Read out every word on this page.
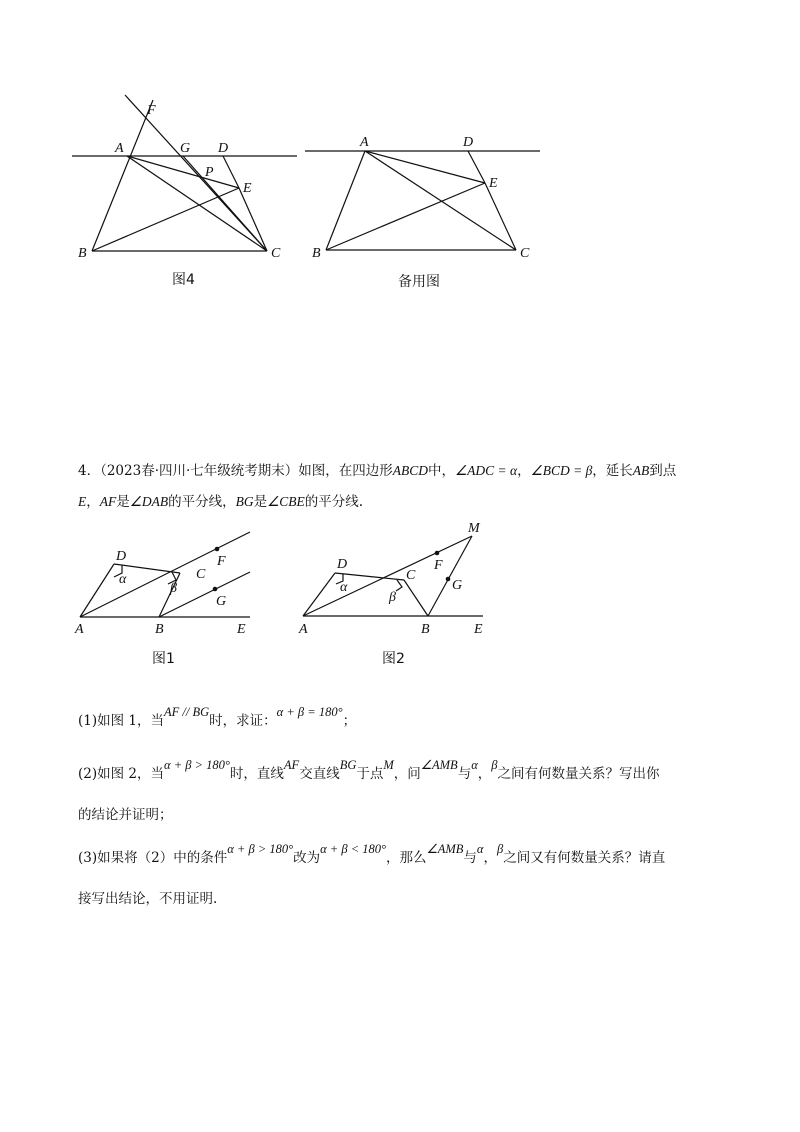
F
A	G D
P
E
B	C
图4
A	D
E
B	C
备用图
4．（2023春·四川·七年级统考期末）如图，在四边形ABCD中，∠ADC = α，∠BCD = β，延长AB到点
E，AF是∠DAB的平分线，BG是∠CBE的平分线.
D
α	C
β
F
G
A	B	E
图1
D
α
C
β
F
G
M
A	B	E
图2
(1)如图 1，当AF // BG时，求证：α + β = 180°；
(2)如图 2，当α + β > 180°时，直线AF交直线BG于点M，问∠AMB与α，β之间有何数量关系？写出你
的结论并证明；
(3)如果将（2）中的条件α + β > 180°改为α + β < 180°，那么∠AMB与α，β之间又有何数量关系？请直
接写出结论，不用证明.
